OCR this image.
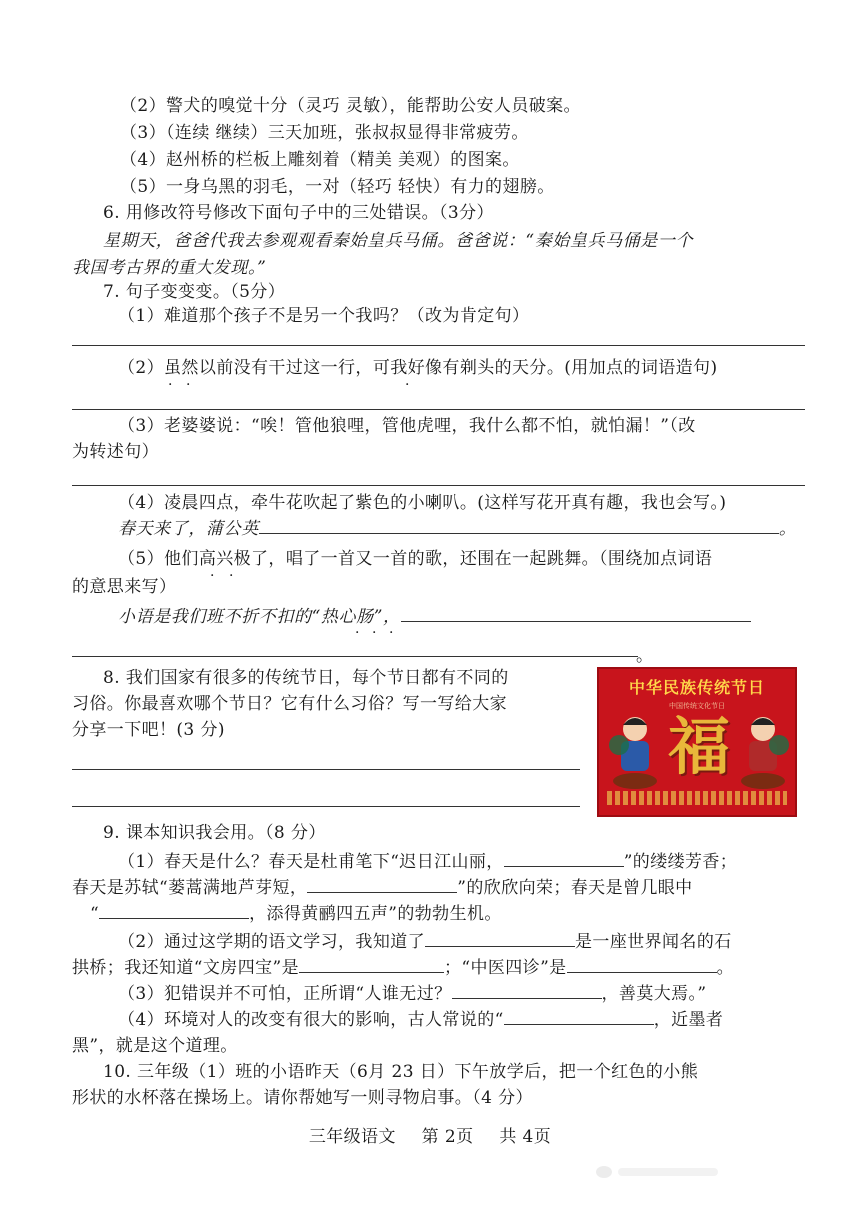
（2）警犬的嗅觉十分（灵巧 灵敏），能帮助公安人员破案。

（3）（连续 继续）三天加班，张叔叔显得非常疲劳。

（4）赵州桥的栏板上雕刻着（精美 美观）的图案。

（5）一身乌黑的羽毛，一对（轻巧 轻快）有力的翅膀。

6. 用修改符号修改下面句子中的三处错误。（3分）

星期天，爸爸代我去参观观看秦始皇兵马俑。爸爸说：“秦始皇兵马俑是一个

我国考古界的重大发现。”

7. 句子变变变。（5分）

（1）难道那个孩子不是另一个我吗？（改为肯定句）

（2）虽然以前没有干过这一行，可我好像有剃头的天分。(用加点的词语造句)

· ·	·

（3）老婆婆说：“唉！管他狼哩，管他虎哩，我什么都不怕，就怕漏！”（改

为转述句）

（4）凌晨四点，牵牛花吹起了紫色的小喇叭。(这样写花开真有趣，我也会写。)

春天来了，蒲公英	。

（5）他们高兴极了，唱了一首又一首的歌，还围在一起跳舞。（围绕加点词语

· ·

的意思来写）

小语是我们班不折不扣的“热心肠”，

· · ·
。

8. 我们国家有很多的传统节日，每个节日都有不同的

习俗。你最喜欢哪个节日？它有什么习俗？写一写给大家

分享一下吧！(3 分)

中华民族传统节日
中国传统文化节日
福

9. 课本知识我会用。（8 分）

（1）春天是什么？春天是杜甫笔下“迟日江山丽，	”的缕缕芳香；

春天是苏轼“蒌蒿满地芦芽短，	”的欣欣向荣；春天是曾几眼中

“	，添得黄鹂四五声”的勃勃生机。

（2）通过这学期的语文学习，我知道了	是一座世界闻名的石

拱桥；我还知道“文房四宝”是	；“中医四诊”是	。

（3）犯错误并不可怕，正所谓“人谁无过？	，善莫大焉。”

（4）环境对人的改变有很大的影响，古人常说的“	，近墨者

黑”，就是这个道理。

10. 三年级（1）班的小语昨天（6月 23 日）下午放学后，把一个红色的小熊

形状的水杯落在操场上。请你帮她写一则寻物启事。（4 分）

三年级语文 第 2页 共 4页
